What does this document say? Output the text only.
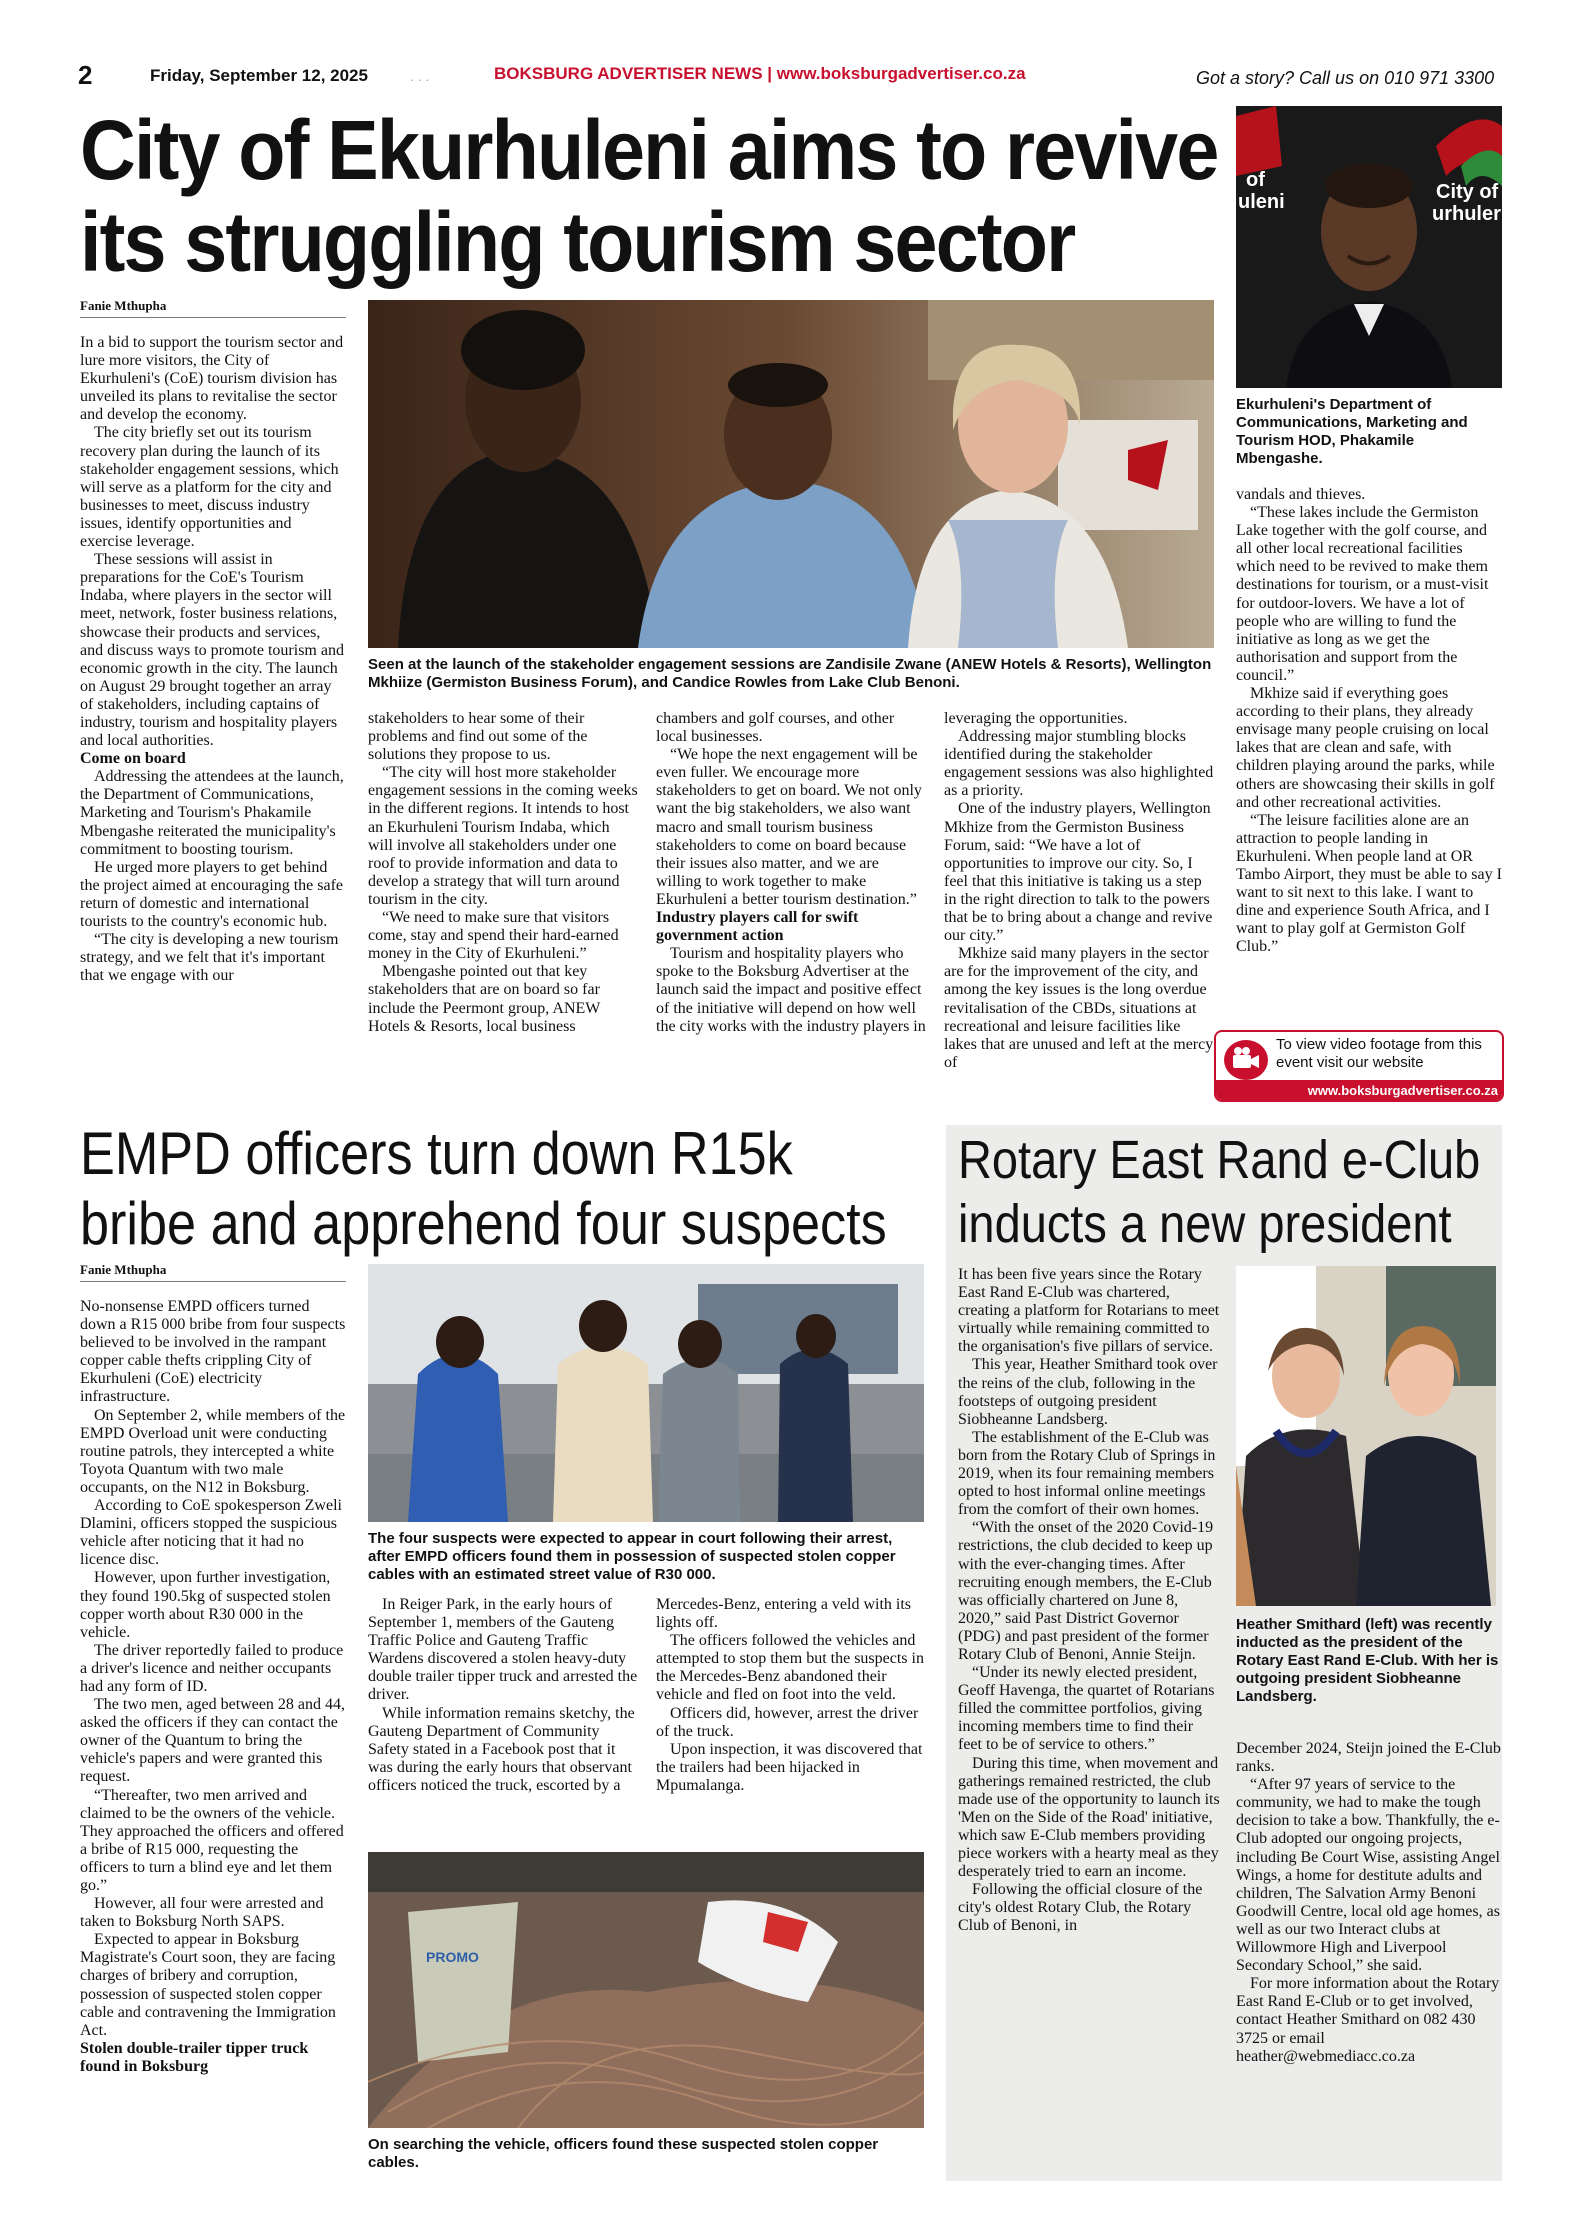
2	Friday, September 12, 2025	. . .	BOKSBURG ADVERTISER NEWS | www.boksburgadvertiser.co.za	Got a story? Call us on 010 971 3300
City of Ekurhuleni aims to revive
its struggling tourism sector
of
uleni	City of
urhuler
Ekurhuleni's Department of Communications, Marketing and Tourism HOD, Phakamile Mbengashe.
Fanie Mthupha
Seen at the launch of the stakeholder engagement sessions are Zandisile Zwane (ANEW Hotels & Resorts), Wellington Mkhiize (Germiston Business Forum), and Candice Rowles from Lake Club Benoni.

In a bid to support the tourism sector and lure more visitors, the City of Ekurhuleni's (CoE) tourism division has unveiled its plans to revitalise the sector and develop the economy.

The city briefly set out its tourism recovery plan during the launch of its stakeholder engagement sessions, which will serve as a platform for the city and businesses to meet, discuss industry issues, identify opportunities and exercise leverage.

These sessions will assist in preparations for the CoE's Tourism Indaba, where players in the sector will meet, network, foster business relations, showcase their products and services, and discuss ways to promote tourism and economic growth in the city. The launch on August 29 brought together an array of stakeholders, including captains of industry, tourism and hospitality players and local authorities.

Come on board

Addressing the attendees at the launch, the Department of Communications, Marketing and Tourism's Phakamile Mbengashe reiterated the municipality's commitment to boosting tourism.

He urged more players to get behind the project aimed at encouraging the safe return of domestic and international tourists to the country's economic hub.

“The city is developing a new tourism strategy, and we felt that it's important that we engage with our

stakeholders to hear some of their problems and find out some of the solutions they propose to us.

“The city will host more stakeholder engagement sessions in the coming weeks in the different regions. It intends to host an Ekurhuleni Tourism Indaba, which will involve all stakeholders under one roof to provide information and data to develop a strategy that will turn around tourism in the city.

“We need to make sure that visitors come, stay and spend their hard-earned money in the City of Ekurhuleni.”

Mbengashe pointed out that key stakeholders that are on board so far include the Peermont group, ANEW Hotels & Resorts, local business

chambers and golf courses, and other local businesses.

“We hope the next engagement will be even fuller. We encourage more stakeholders to get on board. We not only want the big stakeholders, we also want macro and small tourism business stakeholders to come on board because their issues also matter, and we are willing to work together to make Ekurhuleni a better tourism destination.”

Industry players call for swift government action

Tourism and hospitality players who spoke to the Boksburg Advertiser at the launch said the impact and positive effect of the initiative will depend on how well the city works with the industry players in

leveraging the opportunities.

Addressing major stumbling blocks identified during the stakeholder engagement sessions was also highlighted as a priority.

One of the industry players, Wellington Mkhize from the Germiston Business Forum, said: “We have a lot of opportunities to improve our city. So, I feel that this initiative is taking us a step in the right direction to talk to the powers that be to bring about a change and revive our city.”

Mkhize said many players in the sector are for the improvement of the city, and among the key issues is the long overdue revitalisation of the CBDs, situations at recreational and leisure facilities like lakes that are unused and left at the mercy of

vandals and thieves.

“These lakes include the Germiston Lake together with the golf course, and all other local recreational facilities which need to be revived to make them destinations for tourism, or a must-visit for outdoor-lovers. We have a lot of people who are willing to fund the initiative as long as we get the authorisation and support from the council.”

Mkhize said if everything goes according to their plans, they already envisage many people cruising on local lakes that are clean and safe, with children playing around the parks, while others are showcasing their skills in golf and other recreational activities.

“The leisure facilities alone are an attraction to people landing in Ekurhuleni. When people land at OR Tambo Airport, they must be able to say I want to sit next to this lake. I want to dine and experience South Africa, and I want to play golf at Germiston Golf Club.”

To view video footage from this event visit our website
www.boksburgadvertiser.co.za
EMPD officers turn down R15k
bribe and apprehend four suspects
Fanie Mthupha
The four suspects were expected to appear in court following their arrest, after EMPD officers found them in possession of suspected stolen copper cables with an estimated street value of R30 000.
PROMO
On searching the vehicle, officers found these suspected stolen copper cables.

No-nonsense EMPD officers turned down a R15 000 bribe from four suspects believed to be involved in the rampant copper cable thefts crippling City of Ekurhuleni (CoE) electricity infrastructure.

On September 2, while members of the EMPD Overload unit were conducting routine patrols, they intercepted a white Toyota Quantum with two male occupants, on the N12 in Boksburg.

According to CoE spokesperson Zweli Dlamini, officers stopped the suspicious vehicle after noticing that it had no licence disc.

However, upon further investigation, they found 190.5kg of suspected stolen copper worth about R30 000 in the vehicle.

The driver reportedly failed to produce a driver's licence and neither occupants had any form of ID.

The two men, aged between 28 and 44, asked the officers if they can contact the owner of the Quantum to bring the vehicle's papers and were granted this request.

“Thereafter, two men arrived and claimed to be the owners of the vehicle. They approached the officers and offered a bribe of R15 000, requesting the officers to turn a blind eye and let them go.”

However, all four were arrested and taken to Boksburg North SAPS.

Expected to appear in Boksburg Magistrate's Court soon, they are facing charges of bribery and corruption, possession of suspected stolen copper cable and contravening the Immigration Act.

Stolen double-trailer tipper truck found in Boksburg

In Reiger Park, in the early hours of September 1, members of the Gauteng Traffic Police and Gauteng Traffic Wardens discovered a stolen heavy-duty double trailer tipper truck and arrested the driver.

While information remains sketchy, the Gauteng Department of Community Safety stated in a Facebook post that it was during the early hours that observant officers noticed the truck, escorted by a

Mercedes-Benz, entering a veld with its lights off.

The officers followed the vehicles and attempted to stop them but the suspects in the Mercedes-Benz abandoned their vehicle and fled on foot into the veld.

Officers did, however, arrest the driver of the truck.

Upon inspection, it was discovered that the trailers had been hijacked in Mpumalanga.

Rotary East Rand e-Club
inducts a new president

It has been five years since the Rotary East Rand E-Club was chartered, creating a platform for Rotarians to meet virtually while remaining committed to the organisation's five pillars of service.

This year, Heather Smithard took over the reins of the club, following in the footsteps of outgoing president Siobheanne Landsberg.

The establishment of the E-Club was born from the Rotary Club of Springs in 2019, when its four remaining members opted to host informal online meetings from the comfort of their own homes.

“With the onset of the 2020 Covid-19 restrictions, the club decided to keep up with the ever-changing times. After recruiting enough members, the E-Club was officially chartered on June 8, 2020,” said Past District Governor (PDG) and past president of the former Rotary Club of Benoni, Annie Steijn.

“Under its newly elected president, Geoff Havenga, the quartet of Rotarians filled the committee portfolios, giving incoming members time to find their feet to be of service to others.”

During this time, when movement and gatherings remained restricted, the club made use of the opportunity to launch its 'Men on the Side of the Road' initiative, which saw E-Club members providing piece workers with a hearty meal as they desperately tried to earn an income.

Following the official closure of the city's oldest Rotary Club, the Rotary Club of Benoni, in

Heather Smithard (left) was recently inducted as the president of the Rotary East Rand E-Club. With her is outgoing president Siobheanne Landsberg.

December 2024, Steijn joined the E-Club ranks.

“After 97 years of service to the community, we had to make the tough decision to take a bow. Thankfully, the e-Club adopted our ongoing projects, including Be Court Wise, assisting Angel Wings, a home for destitute adults and children, The Salvation Army Benoni Goodwill Centre, local old age homes, as well as our two Interact clubs at Willowmore High and Liverpool Secondary School,” she said.

For more information about the Rotary East Rand E-Club or to get involved, contact Heather Smithard on 082 430 3725 or email heather@webmediacc.co.za
